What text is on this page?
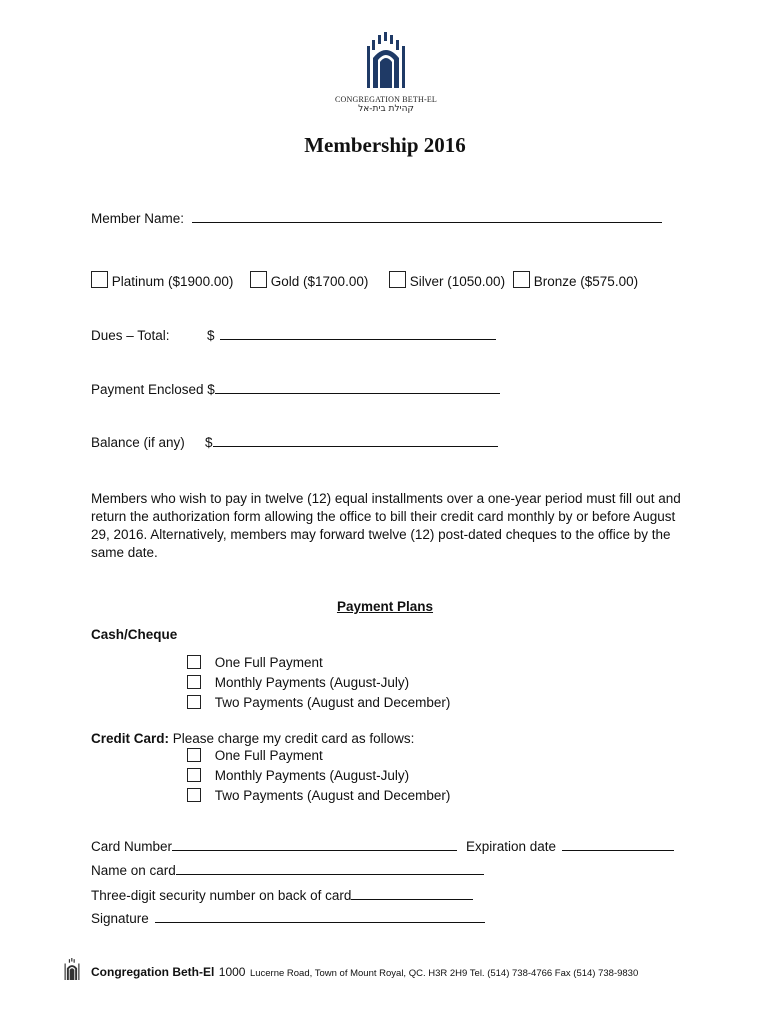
CONGREGATION BETH-EL
קהילת בית-אל
Membership 2016
Member Name:
Platinum ($1900.00)	Gold ($1700.00)	Silver (1050.00)	Bronze ($575.00)
Dues – Total:	$
Payment Enclosed $
Balance (if any) $
Members who wish to pay in twelve (12) equal installments over a one-year period must fill out and return the authorization form allowing the office to bill their credit card monthly by or before August 29, 2016. Alternatively, members may forward twelve (12) post-dated cheques to the office by the same date.
Payment Plans
Cash/Cheque
One Full Payment
Monthly Payments (August-July)
Two Payments (August and December)
Credit Card: Please charge my credit card as follows:
One Full Payment
Monthly Payments (August-July)
Two Payments (August and December)
Card Number	Expiration date
Name on card
Three-digit security number on back of card
Signature
Congregation Beth-El 1000 Lucerne Road, Town of Mount Royal, QC. H3R 2H9 Tel. (514) 738-4766 Fax (514) 738-9830
